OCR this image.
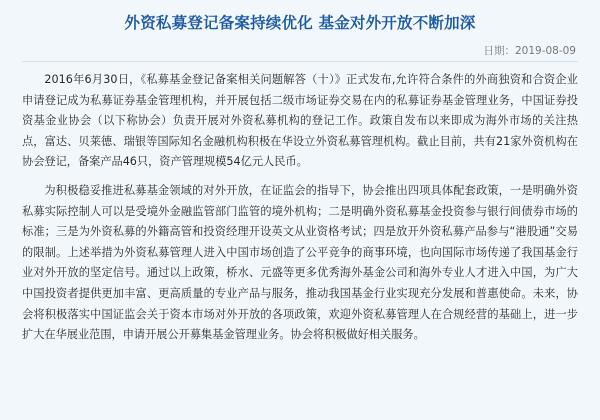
外资私募登记备案持续优化 基金对外开放不断加深
日期：2019-08-09

2016年6月30日，《私募基金登记备案相关问题解答（十）》正式发布,允许符合条件的外商独资和合资企业申请登记成为私募证券基金管理机构，并开展包括二级市场证券交易在内的私募证券基金管理业务，中国证券投资基金业协会（以下称协会）负责开展对外资私募机构的登记工作。政策自发布以来即成为海外市场的关注热点，富达、贝莱德、瑞银等国际知名金融机构积极在华设立外资私募管理机构。截止目前，共有21家外资机构在协会登记，备案产品46只，资产管理规模54亿元人民币。

为积极稳妥推进私募基金领域的对外开放，在证监会的指导下，协会推出四项具体配套政策，一是明确外资私募实际控制人可以是受境外金融监管部门监管的境外机构；二是明确外资私募基金投资参与银行间债券市场的标准；三是为外资私募的外籍高管和投资经理开设英文从业资格考试；四是放开外资私募产品参与“港股通”交易的限制。上述举措为外资私募管理人进入中国市场创造了公平竞争的商事环境，也向国际市场传递了我国基金行业对外开放的坚定信号。通过以上政策，桥水、元盛等更多优秀海外基金公司和海外专业人才进入中国，为广大中国投资者提供更加丰富、更高质量的专业产品与服务，推动我国基金行业实现充分发展和普惠使命。未来，协会将积极落实中国证监会关于资本市场对外开放的各项政策，欢迎外资私募管理人在合规经营的基础上，进一步扩大在华展业范围，申请开展公开募集基金管理业务。协会将积极做好相关服务。
